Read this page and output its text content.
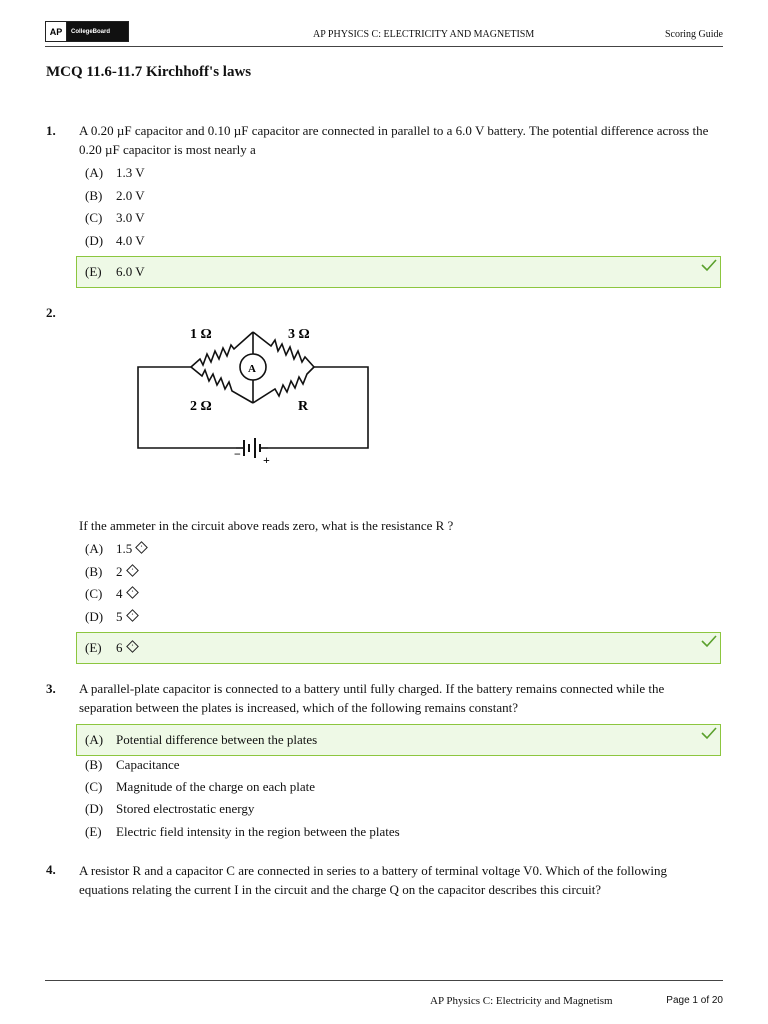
AP	CollegeBoard	AP PHYSICS C: ELECTRICITY AND MAGNETISM	Scoring Guide
MCQ 11.6-11.7 Kirchhoff's laws
1. A 0.20 µF capacitor and 0.10 µF capacitor are connected in parallel to a 6.0 V battery. The potential difference across the 0.20 µF capacitor is most nearly a
(A) 1.3 V
(B) 2.0 V
(C) 3.0 V
(D) 4.0 V
(E) 6.0 V
2.
1 Ω	3 Ω
2 Ω	R
A
− +
If the ammeter in the circuit above reads zero, what is the resistance R ?
(A) 1.5
(B) 2
(C) 4
(D) 5
(E) 6
3. A parallel-plate capacitor is connected to a battery until fully charged. If the battery remains connected while the separation between the plates is increased, which of the following remains constant?
(A) Potential difference between the plates
(B) Capacitance
(C) Magnitude of the charge on each plate
(D) Stored electrostatic energy
(E) Electric field intensity in the region between the plates
4. A resistor R and a capacitor C are connected in series to a battery of terminal voltage V0. Which of the following
equations relating the current I in the circuit and the charge Q on the capacitor describes this circuit?
AP Physics C: Electricity and Magnetism	Page 1 of 20
